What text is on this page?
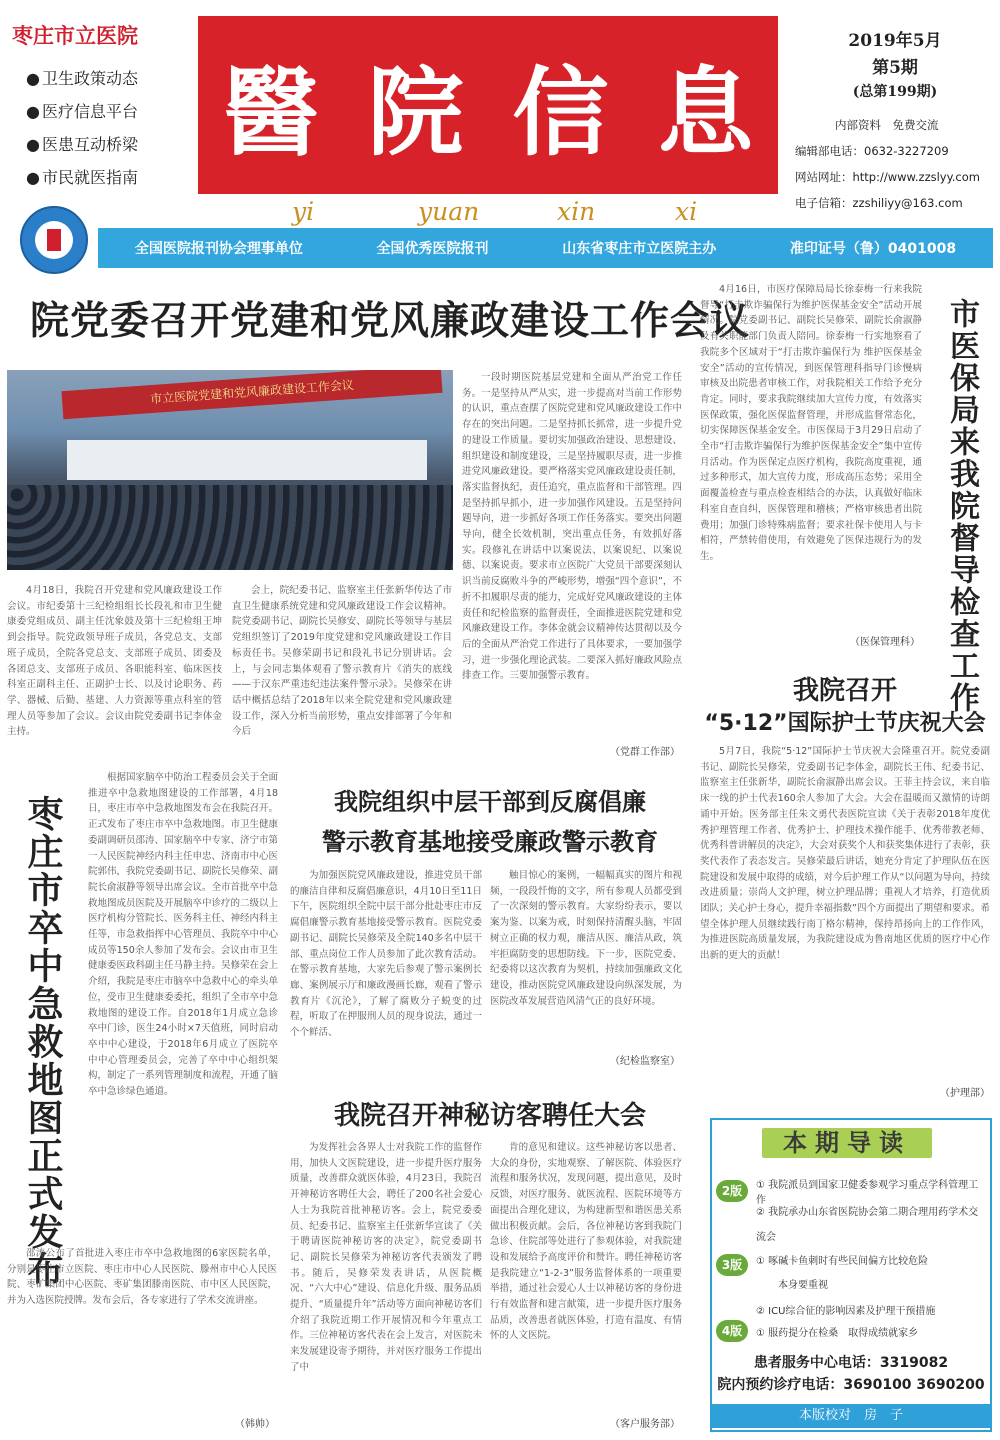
枣庄市立医院
● 卫生政策动态
● 医疗信息平台
● 医患互动桥梁
● 市民就医指南
醫 院 信 息
yi	yuan	xin	xi
2019年5月
第5期
(总第199期)
内部资料　免费交流
编辑部电话：0632-3227209
网站网址：http://www.zzslyy.com
电子信箱：zzshiliyy@163.com
全国医院报刊协会理事单位	全国优秀医院报刊	山东省枣庄市立医院主办	准印证号（鲁）0401008
院党委召开党建和党风廉政建设工作会议
市立医院党建和党风廉政建设工作会议
4月18日，我院召开党建和党风廉政建设工作会议。市纪委第十三纪检组组长长段礼和市卫生健康委党组成员、副主任沈象鼓及第十三纪检组王坤到会指导。院党政领导班子成员，各党总支、支部班子成员，全院各党总支、支部班子成员、团委及各团总支、支部班子成员、各职能科室、临床医技科室正副科主任、正副护士长、以及讨论职务、药学、器械、后勤、基建、人力资源等重点科室的管理人员等参加了会议。会议由院党委副书记李体金主持。
会上，院纪委书记、监察室主任张新华传达了市直卫生健康系统党建和党风廉政建设工作会议精神。院党委副书记、副院长吴修安、副院长等领导与基层党组织签订了2019年度党建和党风廉政建设工作目标责任书。吴修荣副书记和段礼书记分别讲话。会上，与会同志集体观看了警示教育片《消失的底线——于汉东严重违纪违法案件警示录》。吴修荣在讲话中概括总结了2018年以来全院党建和党风廉政建设工作，深入分析当前形势，重点安排部署了今年和今后
一段时期医院基层党建和全面从严治党工作任务。一是坚持从严从实，进一步提高对当前工作形势的认识，重点查摆了医院党建和党风廉政建设工作中存在的突出问题。二是坚持抓长抓常，进一步提升党的建设工作质量。要切实加强政治建设、思想建设、组织建设和制度建设，三是坚持履职尽责，进一步推进党风廉政建设。要严格落实党风廉政建设责任制，落实监督执纪，责任追究，重点监督和干部管理。四是坚持抓早抓小，进一步加强作风建设。五是坚持问题导向，进一步抓好各项工作任务落实。要突出问题导向，健全长效机制，突出重点任务，有效抓好落实。段修礼在讲话中以案说法、以案说纪、以案说德、以案说责。要求市立医院广大党员干部要深刻认识当前反腐败斗争的严峻形势，增强“四个意识”，不折不扣履职尽责的能力，完成好党风廉政建设的主体责任和纪检监察的监督责任，全面推进医院党建和党风廉政建设工作。李体金就会议精神传达贯彻以及今后的全面从严治党工作进行了具体要求，一要加强学习，进一步强化理论武装。二要深入抓好廉政风险点排查工作。三要加强警示教育。
（党群工作部）
4月16日，市医疗保障局局长徐泰梅一行来我院督导“打击欺诈骗保行为维护医保基金安全”活动开展情况。院党委副书记、副院长吴修荣、副院长俞淑静及有关职能部门负责人陪同。徐泰梅一行实地察看了我院多个区域对于“打击欺诈骗保行为 维护医保基金安全”活动的宣传情况，到医保管理科指导门诊慢病审核及出院患者审核工作，对我院相关工作给予充分肯定。同时，要求我院继续加大宣传力度，有效落实医保政策，强化医保监督管理，并形成监督常态化，切实保障医保基金安全。市医保局于3月29日启动了全市“打击欺诈骗保行为维护医保基金安全”集中宣传月活动。作为医保定点医疗机构，我院高度重视，通过多种形式，加大宣传力度，形成高压态势；采用全面覆盖检查与重点检查相结合的办法，认真做好临床科室自查自纠，医保管理和稽核；严格审核患者出院费用；加强门诊特殊病监督；要求社保卡使用人与卡相符，严禁转借使用，有效避免了医保违规行为的发生。
（医保管理科） 市医保局来我院督导检查工作
我院召开
“5·12”国际护士节庆祝大会
5月7日，我院“5·12”国际护士节庆祝大会隆重召开。院党委副书记、副院长吴修荣，党委副书记李体金，副院长王伟、纪委书记、监察室主任张新华，副院长俞淑静出席会议。王菲主持会议，来自临床一线的护士代表160余人参加了大会。大会在温暖而又激情的诗朗诵中开始。医务部主任朱文勇代表医院宣读《关于表彰2018年度优秀护理管理工作者、优秀护士、护理技术操作能手、优秀带教老师、优秀科普讲解员的决定》，大会对获奖个人和获奖集体进行了表彰，获奖代表作了表态发言。吴修荣最后讲话，她充分肯定了护理队伍在医院建设和发展中取得的成绩，对今后护理工作从“以问题为导向，持续改进质量；崇尚人文护理，树立护理品牌；重视人才培养，打造优质团队；关心护士身心，提升幸福指数”四个方面提出了期望和要求。希望全体护理人员继续践行南丁格尔精神，保持昂扬向上的工作作风，为推进医院高质量发展，为我院建设成为鲁南地区优质的医疗中心作出新的更大的贡献！
（护理部）
枣庄市卒中急救地图正式发布
根据国家脑卒中防治工程委员会关于全面推进卒中急救地图建设的工作部署，4月18日，枣庄市卒中急救地图发布会在我院召开。正式发布了枣庄市卒中急救地图。市卫生健康委副调研员邵涛、国家脑卒中专家、济宁市第一人民医院神经内科主任申忠、济南市中心医院郭伟，我院党委副书记、副院长吴修荣、副院长俞淑静等领导出席会议。全市首批卒中急救地图成员医院及开展脑卒中诊疗的二级以上医疗机构分管院长、医务科主任、神经内科主任等，市急救指挥中心管理员、我院卒中中心成员等150余人参加了发布会。会议由市卫生健康委医政科副主任马静主持。吴修荣在会上介绍，我院是枣庄市脑卒中急救中心的牵头单位，受市卫生健康委委托，组织了全市卒中急救地图的建设工作。自2018年1月成立急诊卒中门诊，医生24小时×7天值班，同时启动卒中中心建设，于2018年6月成立了医院卒中中心管理委员会，完善了卒中中心组织架构，制定了一系列管理制度和流程，开通了脑卒中急诊绿色通道。
邵涛公布了首批进入枣庄市卒中急救地图的6家医院名单，分别是枣庄市立医院、枣庄市中心人民医院、滕州市中心人民医院、枣矿集团中心医院、枣矿集团滕南医院、市中区人民医院，并为入选医院授牌。发布会后，各专家进行了学术交流讲座。
（韩帅）
我院组织中层干部到反腐倡廉
警示教育基地接受廉政警示教育
为加强医院党风廉政建设，推进党员干部的廉洁自律和反腐倡廉意识，4月10日至11日下午，医院组织全院中层干部分批赴枣庄市反腐倡廉警示教育基地接受警示教育。医院党委副书记、副院长吴修荣及全院140多名中层干部、重点岗位工作人员参加了此次教育活动。在警示教育基地，大家先后参观了警示案例长廊、案例展示厅和廉政漫画长廊，观看了警示教育片《沉沦》，了解了腐败分子蜕变的过程，听取了在押服刑人员的现身说法，通过一个个鲜活、
触目惊心的案例，一幅幅真实的图片和视频，一段段忏悔的文字，所有参观人员都受到了一次深刻的警示教育。大家纷纷表示，要以案为鉴、以案为戒，时刻保持清醒头脑，牢固树立正确的权力观，廉洁从医、廉洁从政，筑牢拒腐防变的思想防线。下一步，医院党委、纪委将以这次教育为契机，持续加强廉政文化建设，推动医院党风廉政建设向纵深发展，为医院改革发展营造风清气正的良好环境。
（纪检监察室）
我院召开神秘访客聘任大会
为发挥社会各界人士对我院工作的监督作用，加快人文医院建设，进一步提升医疗服务质量，改善群众就医体验，4月23日，我院召开神秘访客聘任大会，聘任了200名社会爱心人士为我院首批神秘访客。会上，院党委委员、纪委书记、监察室主任张新华宣读了《关于聘请医院神秘访客的决定》，院党委副书记、副院长吴修荣为神秘访客代表颁发了聘书。随后，吴修荣发表讲话，从医院概况、“六大中心”建设、信息化升级、服务品质提升、“质量提升年”活动等方面向神秘访客们介绍了我院近期工作开展情况和今年重点工作。三位神秘访客代表在会上发言，对医院未来发展建设寄予期待，并对医疗服务工作提出了中
肯的意见和建议。这些神秘访客以患者、大众的身份，实地观察、了解医院、体验医疗流程和服务状况，发现问题，提出意见，及时反馈，对医疗服务、就医流程、医院环境等方面提出合理化建议，为构建新型和谐医患关系做出积极贡献。会后，各位神秘访客到我院门急诊、住院部等处进行了参观体验，对我院建设和发展给予高度评价和赞许。聘任神秘访客是我院建立“1-2-3”服务监督体系的一项重要举措，通过社会爱心人士以神秘访客的身份进行有效监督和建言献策，进一步提升医疗服务品质，改善患者就医体验，打造有温度、有情怀的人文医院。
（客户服务部）
本期导读
2版	① 我院派员到国家卫健委参观学习重点学科管理工作
② 我院承办山东省医院协会第二期合理用药学术交流会
3版	① 啄碱卡鱼刺时有些民间偏方比较危险
本身要重视
② ICU综合征的影响因素及护理干预措施
4版	① 服药提分在检桑　取得成绩就家乡
患者服务中心电话：3319082
院内预约诊疗电话：3690100 3690200
本版校对　房　子
